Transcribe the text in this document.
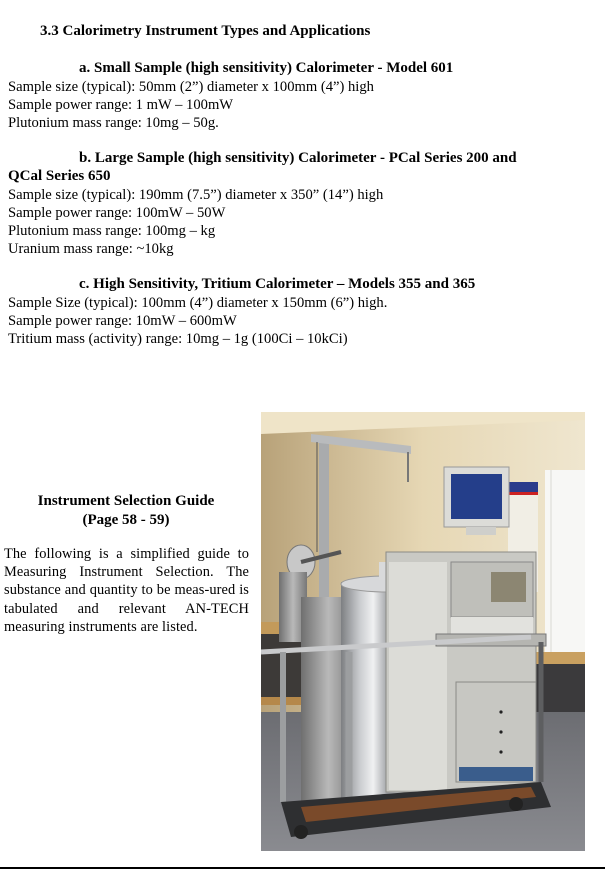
3.3 Calorimetry Instrument Types and Applications
a. Small Sample (high sensitivity) Calorimeter - Model 601
Sample size (typical): 50mm (2”) diameter x 100mm (4”) high
Sample power range: 1 mW – 100mW
Plutonium mass range: 10mg – 50g.
b. Large Sample (high sensitivity) Calorimeter - PCal Series 200 and
QCal Series 650
Sample size (typical): 190mm (7.5”) diameter x 350” (14”) high
Sample power range: 100mW – 50W
Plutonium mass range: 100mg – kg
Uranium mass range: ~10kg
c. High Sensitivity, Tritium Calorimeter – Models 355 and 365
Sample Size (typical): 100mm (4”) diameter x 150mm (6”) high.
Sample power range: 10mW – 600mW
Tritium mass (activity) range: 10mg – 1g (100Ci – 10kCi)
Instrument Selection Guide
(Page 58 - 59)
The following is a simplified guide to Measuring Instrument Selection. The substance and quantity to be meas-ured is tabulated and relevant AN-TECH measuring instruments are listed.
